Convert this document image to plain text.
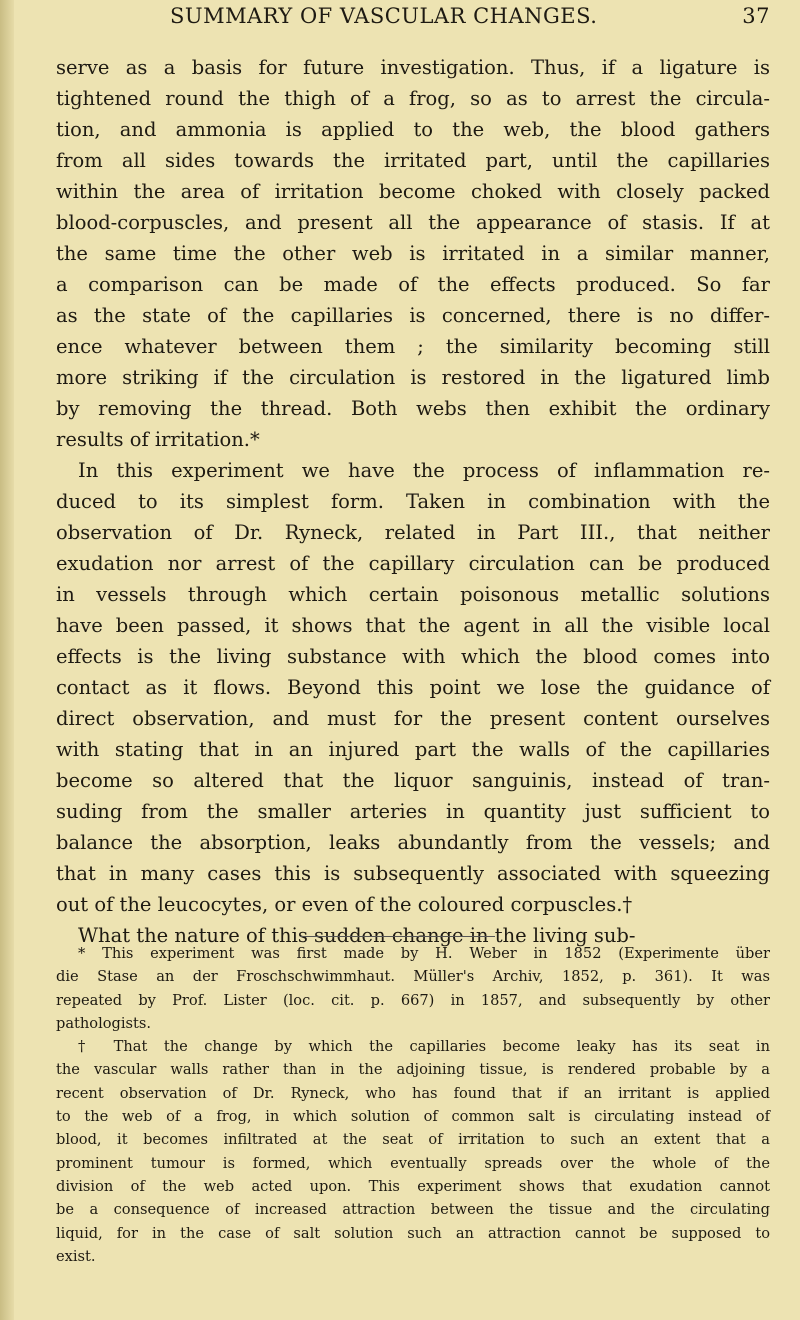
SUMMARY OF VASCULAR CHANGES.	37
serve as a basis for future investigation. Thus, if a ligature is
tightened round the thigh of a frog, so as to arrest the circula-
tion, and ammonia is applied to the web, the blood gathers
from all sides towards the irritated part, until the capillaries
within the area of irritation become choked with closely packed
blood-corpuscles, and present all the appearance of stasis. If at
the same time the other web is irritated in a similar manner,
a comparison can be made of the effects produced. So far
as the state of the capillaries is concerned, there is no differ-
ence whatever between them ; the similarity becoming still
more striking if the circulation is restored in the ligatured limb
by removing the thread. Both webs then exhibit the ordinary
results of irritation.*
In this experiment we have the process of inflammation re-
duced to its simplest form. Taken in combination with the
observation of Dr. Ryneck, related in Part III., that neither
exudation nor arrest of the capillary circulation can be produced
in vessels through which certain poisonous metallic solutions
have been passed, it shows that the agent in all the visible local
effects is the living substance with which the blood comes into
contact as it flows. Beyond this point we lose the guidance of
direct observation, and must for the present content ourselves
with stating that in an injured part the walls of the capillaries
become so altered that the liquor sanguinis, instead of tran-
suding from the smaller arteries in quantity just sufficient to
balance the absorption, leaks abundantly from the vessels; and
that in many cases this is subsequently associated with squeezing
out of the leucocytes, or even of the coloured corpuscles.†
What the nature of this sudden change in the living sub-
* This experiment was first made by H. Weber in 1852 (Experimente über
die Stase an der Froschschwimmhaut. Müller's Archiv, 1852, p. 361). It was
repeated by Prof. Lister (loc. cit. p. 667) in 1857, and subsequently by other
pathologists.
† That the change by which the capillaries become leaky has its seat in
the vascular walls rather than in the adjoining tissue, is rendered probable by a
recent observation of Dr. Ryneck, who has found that if an irritant is applied
to the web of a frog, in which solution of common salt is circulating instead of
blood, it becomes infiltrated at the seat of irritation to such an extent that a
prominent tumour is formed, which eventually spreads over the whole of the
division of the web acted upon. This experiment shows that exudation cannot
be a consequence of increased attraction between the tissue and the circulating
liquid, for in the case of salt solution such an attraction cannot be supposed to
exist.
